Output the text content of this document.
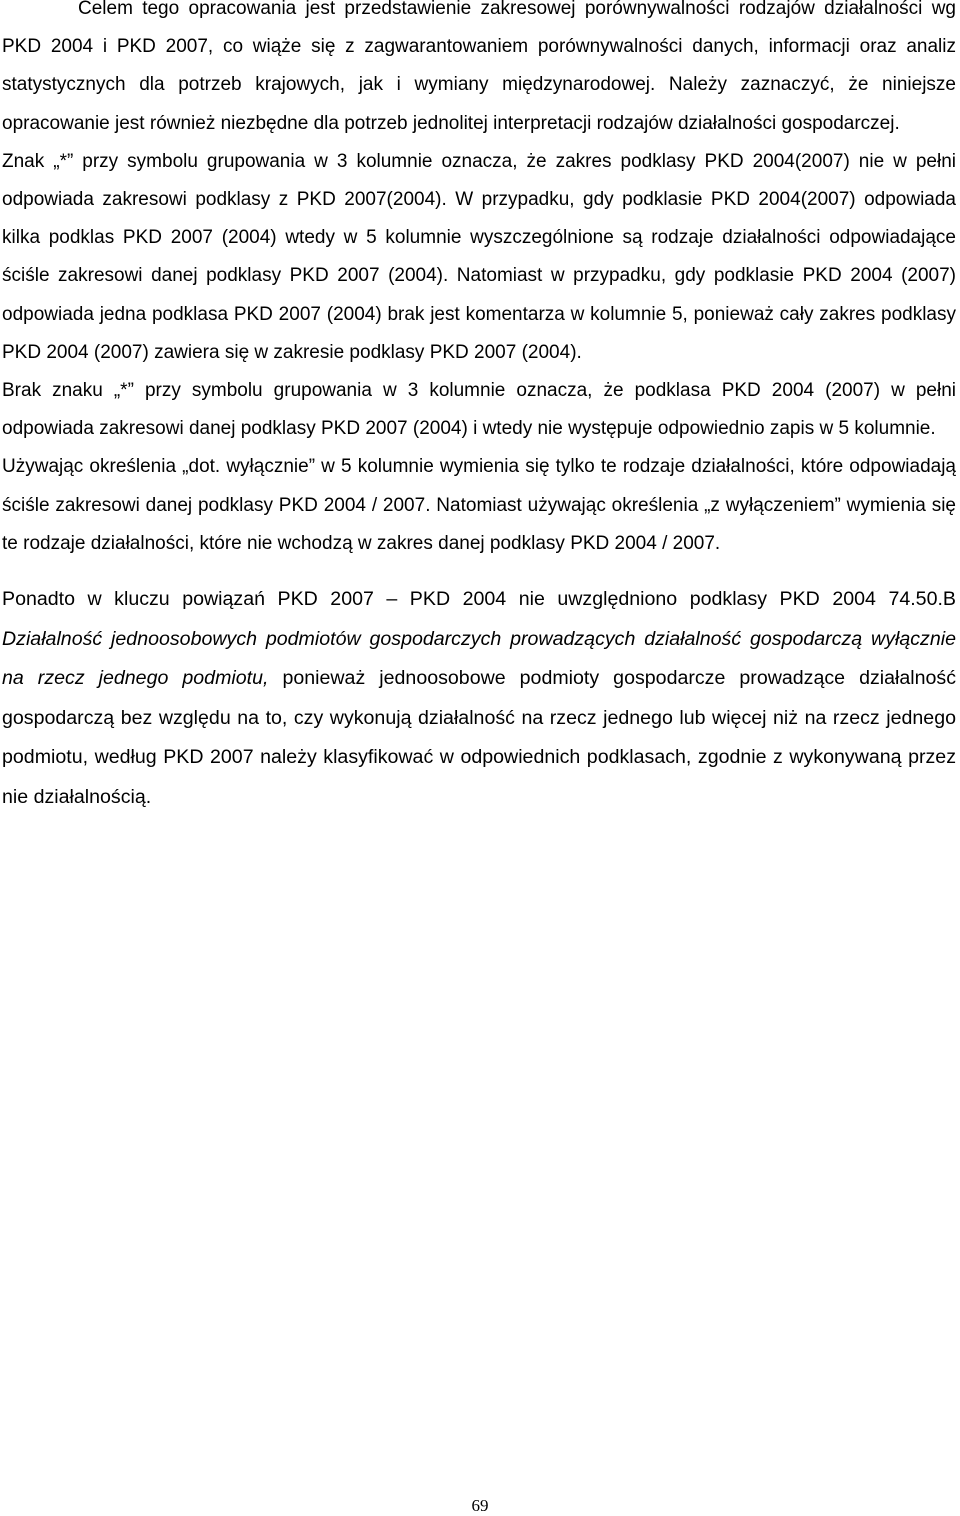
Celem tego opracowania jest przedstawienie zakresowej porównywalności rodzajów działalności wg PKD 2004 i PKD 2007, co wiąże się z zagwarantowaniem porównywalności danych, informacji oraz analiz statystycznych dla potrzeb krajowych, jak i wymiany międzynarodowej. Należy zaznaczyć, że niniejsze opracowanie jest również niezbędne dla potrzeb jednolitej interpretacji rodzajów działalności gospodarczej.

Znak „*” przy symbolu grupowania w 3 kolumnie oznacza, że zakres podklasy PKD 2004(2007) nie w pełni odpowiada zakresowi podklasy z PKD 2007(2004). W przypadku, gdy podklasie PKD 2004(2007) odpowiada kilka podklas PKD 2007 (2004) wtedy w 5 kolumnie wyszczególnione są rodzaje działalności odpowiadające ściśle zakresowi danej podklasy PKD 2007 (2004). Natomiast w przypadku, gdy podklasie PKD 2004 (2007) odpowiada jedna podklasa PKD 2007 (2004) brak jest komentarza w kolumnie 5, ponieważ cały zakres podklasy PKD 2004 (2007) zawiera się w zakresie podklasy PKD 2007 (2004).

Brak znaku „*” przy symbolu grupowania w 3 kolumnie oznacza, że podklasa PKD 2004 (2007) w pełni odpowiada zakresowi danej podklasy PKD 2007 (2004) i wtedy nie występuje odpowiednio zapis w 5 kolumnie.

Używając określenia „dot. wyłącznie” w 5 kolumnie wymienia się tylko te rodzaje działalności, które odpowiadają ściśle zakresowi danej podklasy PKD 2004 / 2007. Natomiast używając określenia „z wyłączeniem” wymienia się te rodzaje działalności, które nie wchodzą w zakres danej podklasy PKD 2004 / 2007.

Ponadto w kluczu powiązań PKD 2007 – PKD 2004 nie uwzględniono podklasy PKD 2004 74.50.B Działalność jednoosobowych podmiotów gospodarczych prowadzących działalność gospodarczą wyłącznie na rzecz jednego podmiotu, ponieważ jednoosobowe podmioty gospodarcze prowadzące działalność gospodarczą bez względu na to, czy wykonują działalność na rzecz jednego lub więcej niż na rzecz jednego podmiotu, według PKD 2007 należy klasyfikować w odpowiednich podklasach, zgodnie z wykonywaną przez nie działalnością.

69
